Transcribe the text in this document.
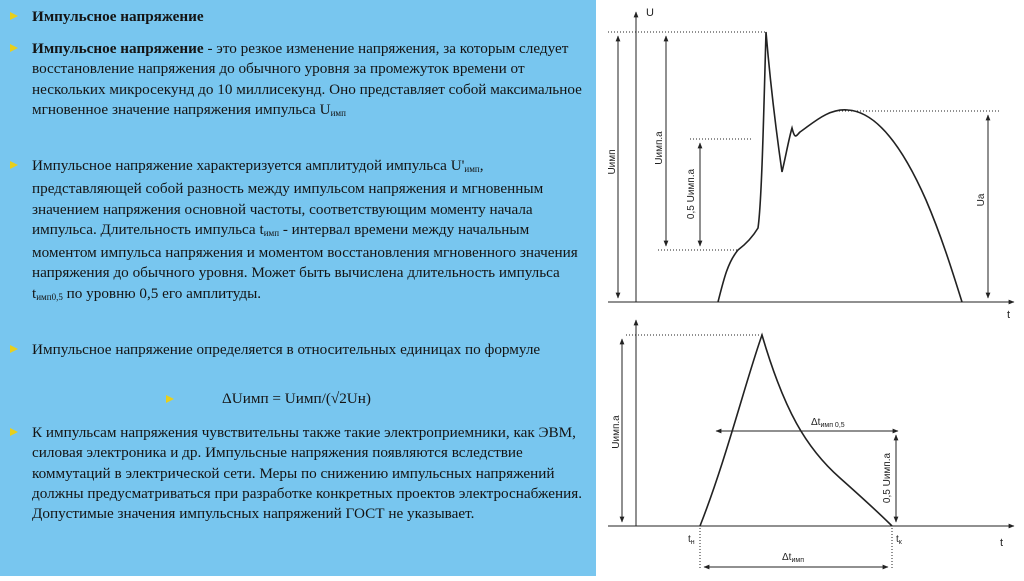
Импульсное напряжение
Импульсное напряжение - это резкое изменение напряжения, за которым следует восстановление напряжения до обычного уровня за промежуток времени от нескольких микросекунд до 10 миллисекунд. Оно представляет собой максимальное мгновенное значение напряжения импульса $U_{имп}$
Импульсное напряжение характеризуется амплитудой импульса $U'_{имп}$, представляющей собой разность между импульсом напряжения и мгновенным значением напряжения основной частоты, соответствующим моменту начала импульса. Длительность импульса $t_{имп}$ - интервал времени между начальным моментом импульса напряжения и моментом восстановления мгновенного значения напряжения до обычного уровня. Может быть вычислена длительность импульса $t_{имп0,5}$ по уровню 0,5 его амплитуды.
Импульсное напряжение определяется в относительных единицах по формуле
ΔUимп = Uимп/(√2Uн)
К импульсам напряжения чувствительны также такие электроприемники, как ЭВМ, силовая электроника и др. Импульсные напряжения появляются вследствие коммутаций в электрической сети. Меры по снижению импульсных напряжений должны предусматриваться при разработке конкретных проектов электроснабжения. Допустимые значения импульсных напряжений ГОСТ не указывает.
U
t
Uимп	Uимп.а
0,5 Uимп.а	Uа
t
Uимп.а
0,5 Uимп.а
$\Delta t_{имп 0,5}$
$t_н$	$t_к$
$\Delta t_{имп}$
